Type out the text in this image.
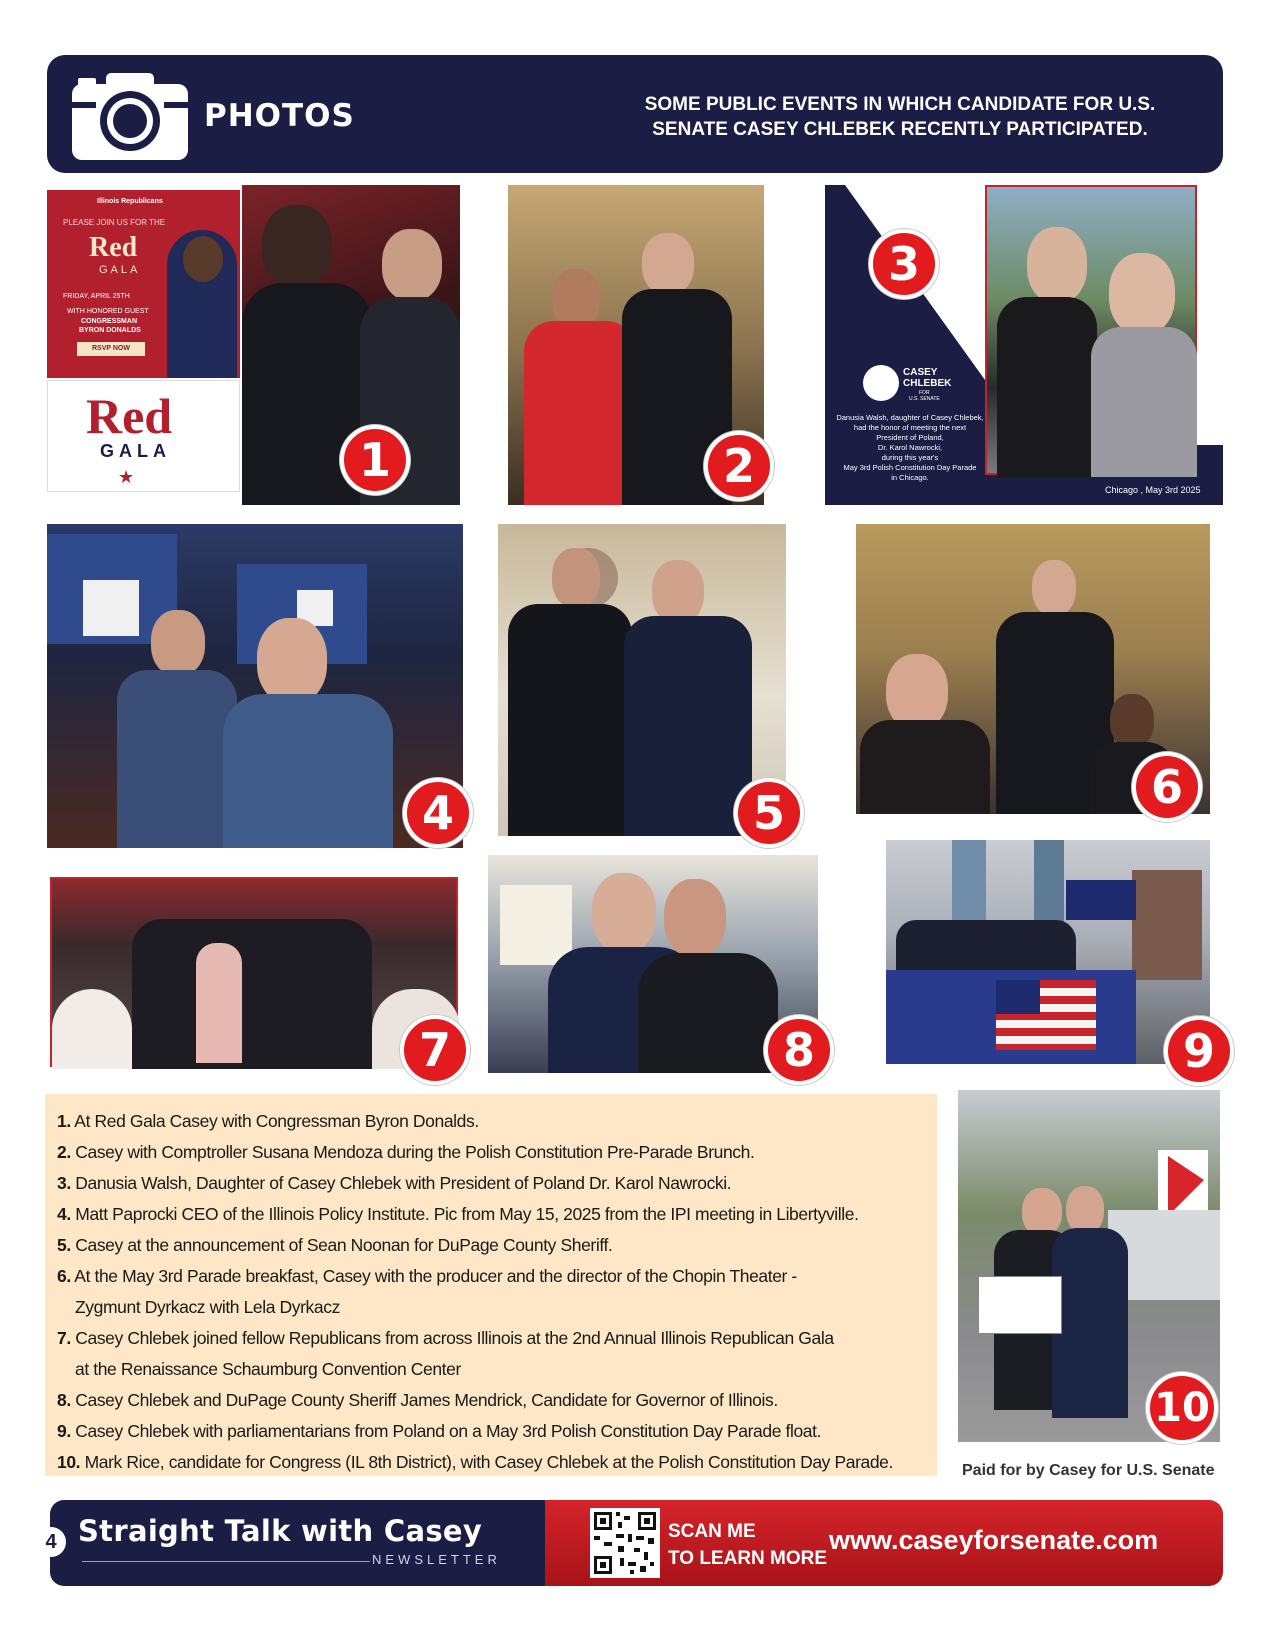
PHOTOS	SOME PUBLIC EVENTS IN WHICH CANDIDATE FOR U.S.
SENATE CASEY CHLEBEK RECENTLY PARTICIPATED.
Illinois Republicans
PLEASE JOIN US FOR THE
Red
GALA
FRIDAY, APRIL 25TH
WITH HONORED GUEST
CONGRESSMAN
BYRON DONALDS
RSVP NOW
Red
GALA
★	1	2
3
CASEY
CHLEBEK
FOR
U.S. SENATE
Danusia Walsh, daughter of Casey Chlebek,
had the honor of meeting the next
President of Poland,
Dr. Karol Nawrocki,
during this year's
May 3rd Polish Constitution Day Parade
in Chicago.
Chicago , May 3rd 2025
4	5	6
7	8	9
1. At Red Gala Casey with Congressman Byron Donalds.
2. Casey with Comptroller Susana Mendoza during the Polish Constitution Pre-Parade Brunch.
3. Danusia Walsh, Daughter of Casey Chlebek with President of Poland Dr. Karol Nawrocki.
4. Matt Paprocki CEO of the Illinois Policy Institute. Pic from May 15, 2025 from the IPI meeting in Libertyville.
5. Casey at the announcement of Sean Noonan for DuPage County Sheriff.
6. At the May 3rd Parade breakfast, Casey with the producer and the director of the Chopin Theater -
Zygmunt Dyrkacz with Lela Dyrkacz
7. Casey Chlebek joined fellow Republicans from across Illinois at the 2nd Annual Illinois Republican Gala
at the Renaissance Schaumburg Convention Center
8. Casey Chlebek and DuPage County Sheriff James Mendrick, Candidate for Governor of Illinois.
9. Casey Chlebek with parliamentarians from Poland on a May 3rd Polish Constitution Day Parade float.
10. Mark Rice, candidate for Congress (IL 8th District), with Casey Chlebek at the Polish Constitution Day Parade.
10
Paid for by Casey for U.S. Senate
4 Straight Talk with Casey
NEWSLETTER
SCAN ME
TO LEARN MORE
www.caseyforsenate.com
